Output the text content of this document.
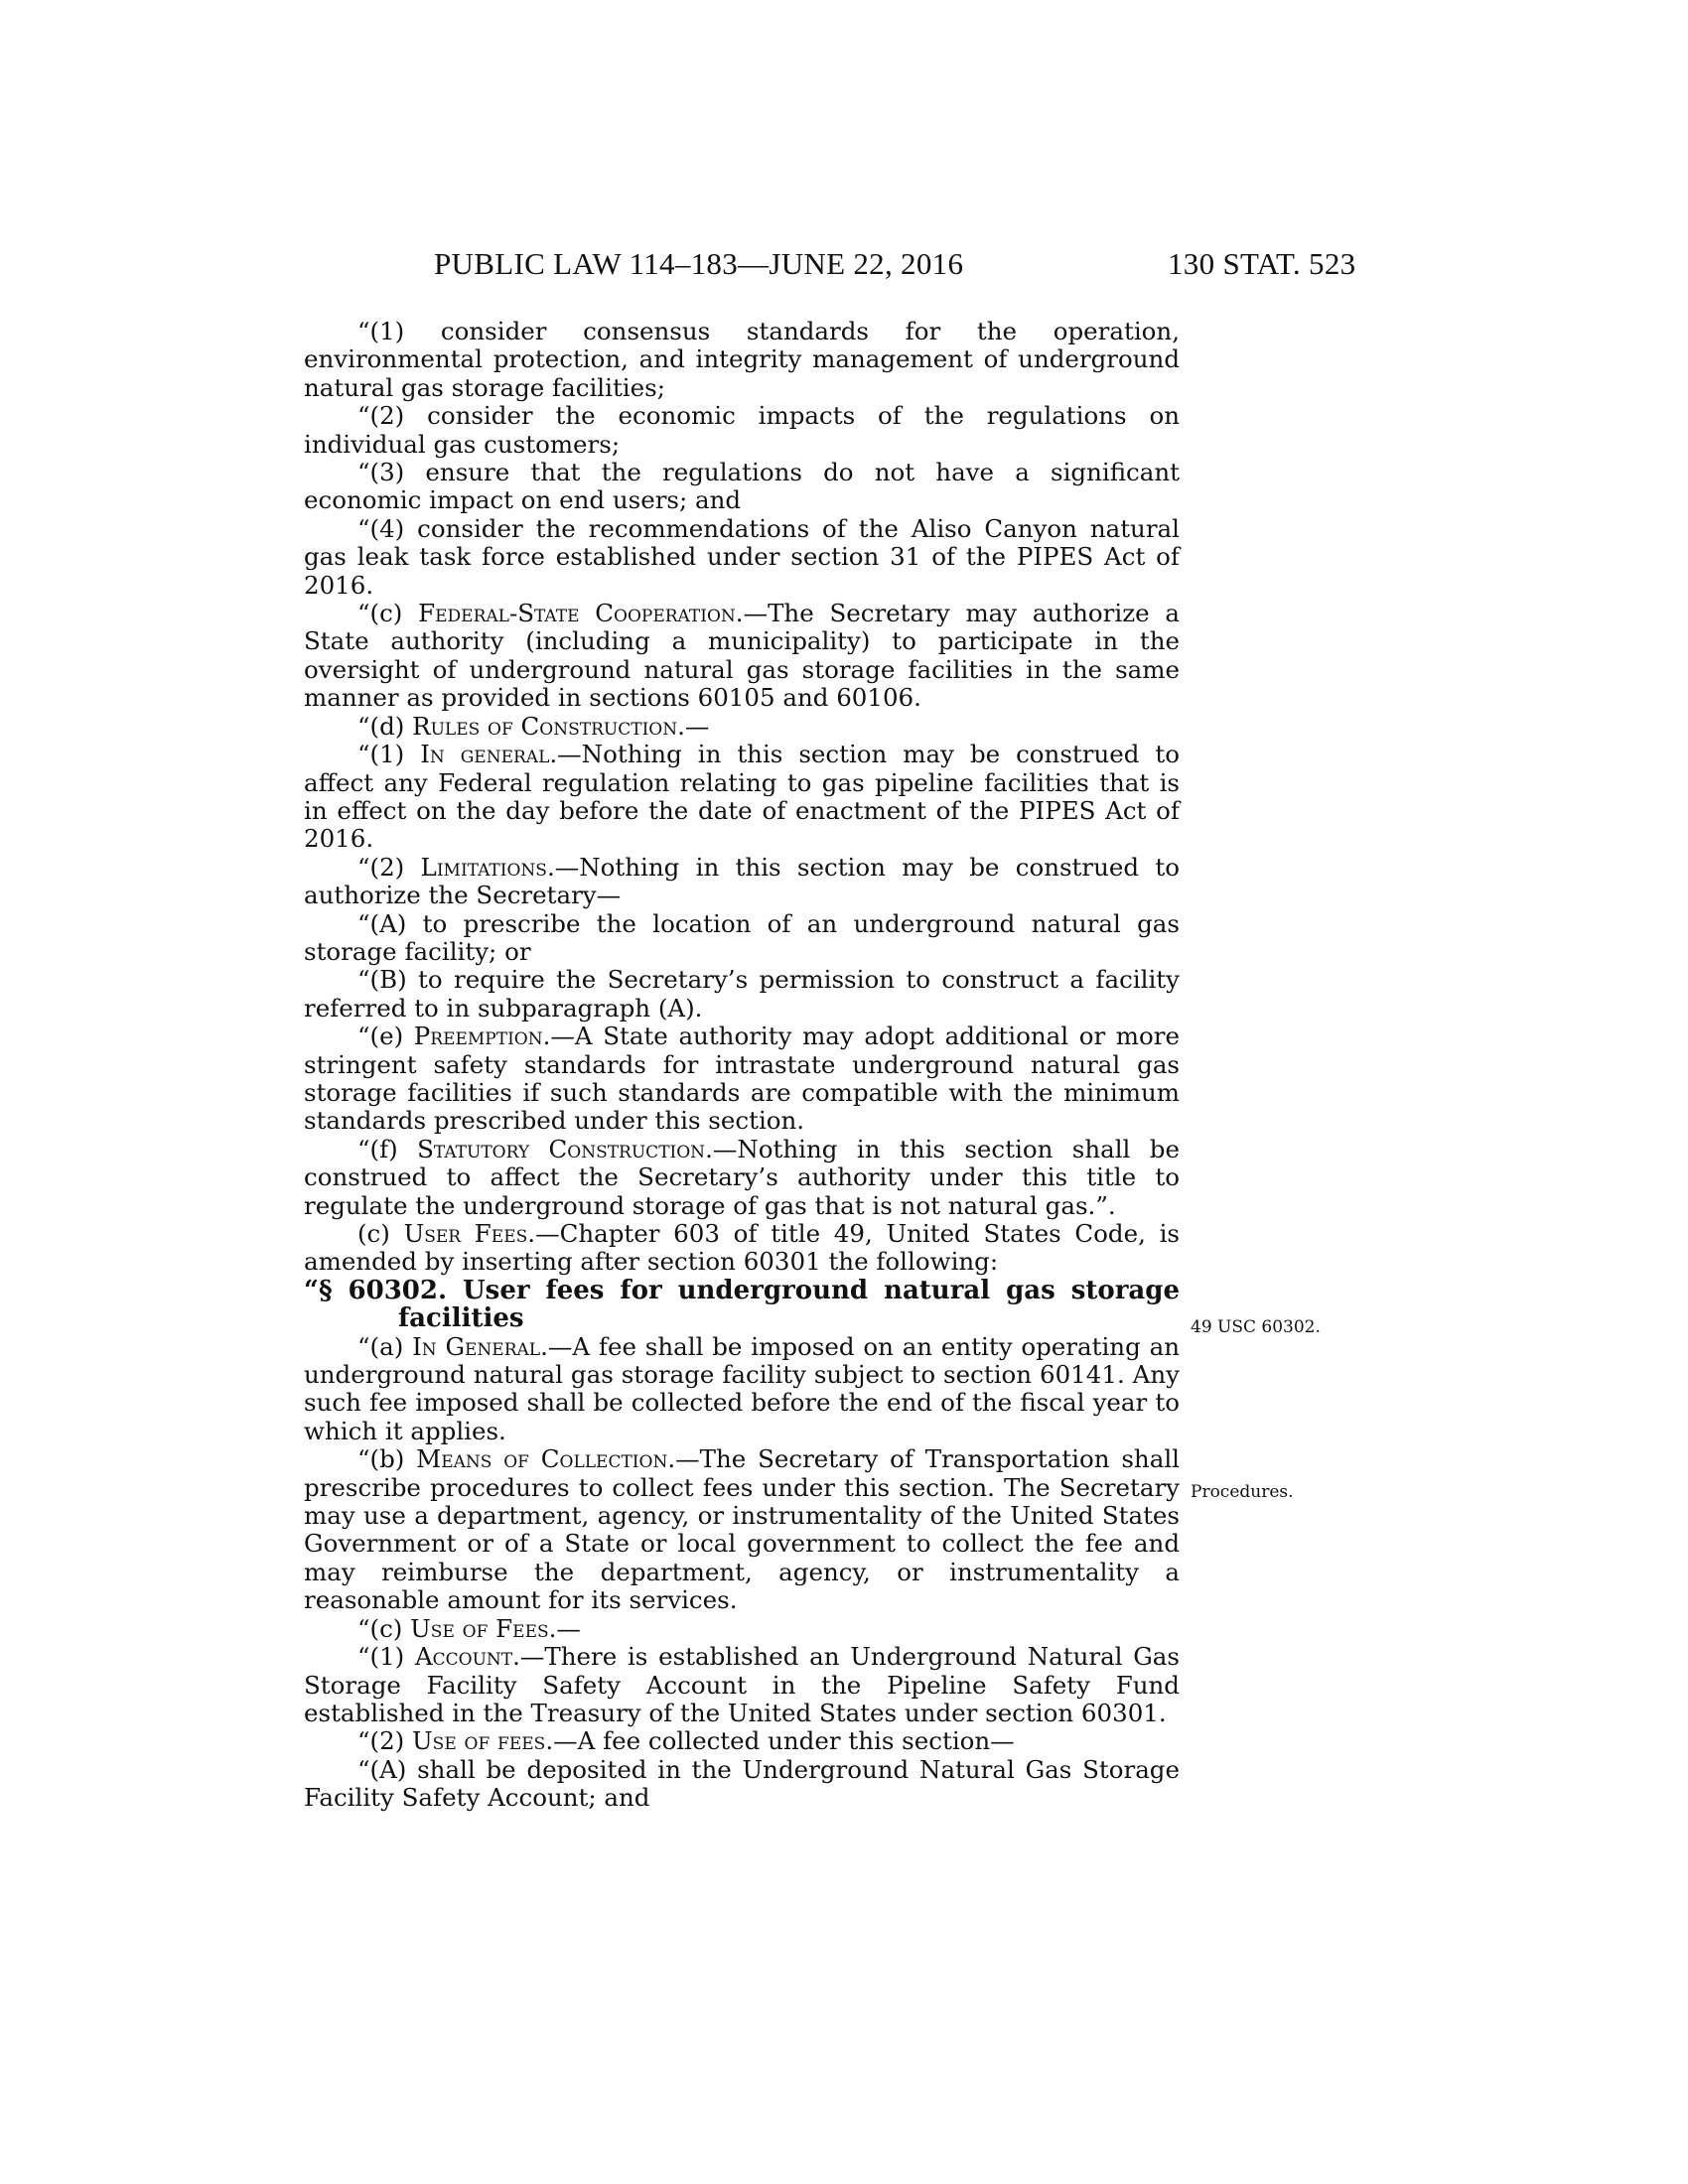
PUBLIC LAW 114–183—JUNE 22, 2016	130 STAT. 523
49 USC 60302.
Procedures.

“(1) consider consensus standards for the operation, environmental protection, and integrity management of underground natural gas storage facilities;

“(2) consider the economic impacts of the regulations on individual gas customers;

“(3) ensure that the regulations do not have a significant economic impact on end users; and

“(4) consider the recommendations of the Aliso Canyon natural gas leak task force established under section 31 of the PIPES Act of 2016.

“(c) Federal-State Cooperation.—The Secretary may authorize a State authority (including a municipality) to participate in the oversight of underground natural gas storage facilities in the same manner as provided in sections 60105 and 60106.

“(d) Rules of Construction.—

“(1) In general.—Nothing in this section may be construed to affect any Federal regulation relating to gas pipeline facilities that is in effect on the day before the date of enactment of the PIPES Act of 2016.

“(2) Limitations.—Nothing in this section may be construed to authorize the Secretary—

“(A) to prescribe the location of an underground natural gas storage facility; or

“(B) to require the Secretary’s permission to construct a facility referred to in subparagraph (A).

“(e) Preemption.—A State authority may adopt additional or more stringent safety standards for intrastate underground natural gas storage facilities if such standards are compatible with the minimum standards prescribed under this section.

“(f) Statutory Construction.—Nothing in this section shall be construed to affect the Secretary’s authority under this title to regulate the underground storage of gas that is not natural gas.”.

(c) User Fees.—Chapter 603 of title 49, United States Code, is amended by inserting after section 60301 the following:

“§ 60302. User fees for underground natural gas storage facilities

“(a) In General.—A fee shall be imposed on an entity operating an underground natural gas storage facility subject to section 60141. Any such fee imposed shall be collected before the end of the fiscal year to which it applies.

“(b) Means of Collection.—The Secretary of Transportation shall prescribe procedures to collect fees under this section. The Secretary may use a department, agency, or instrumentality of the United States Government or of a State or local government to collect the fee and may reimburse the department, agency, or instrumentality a reasonable amount for its services.

“(c) Use of Fees.—

“(1) Account.—There is established an Underground Natural Gas Storage Facility Safety Account in the Pipeline Safety Fund established in the Treasury of the United States under section 60301.

“(2) Use of fees.—A fee collected under this section—

“(A) shall be deposited in the Underground Natural Gas Storage Facility Safety Account; and
